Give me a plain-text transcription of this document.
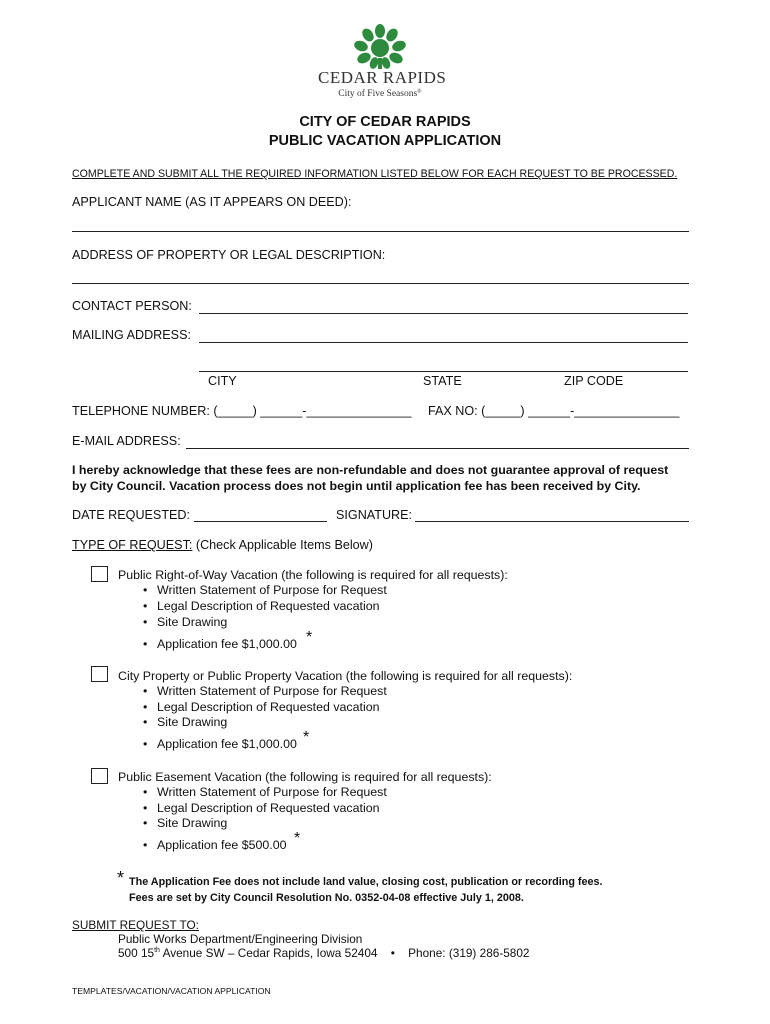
CEDAR RAPIDS
City of Five Seasons®
CITY OF CEDAR RAPIDS
PUBLIC VACATION APPLICATION
COMPLETE AND SUBMIT ALL THE REQUIRED INFORMATION LISTED BELOW FOR EACH REQUEST TO BE PROCESSED.
APPLICANT NAME (AS IT APPEARS ON DEED):
ADDRESS OF PROPERTY OR LEGAL DESCRIPTION:
CONTACT PERSON:
MAILING ADDRESS:
CITY	STATE	ZIP CODE
TELEPHONE NUMBER: (_____) ______-_______________ FAX NO: (_____) ______-_______________
E-MAIL ADDRESS:
I hereby acknowledge that these fees are non-refundable and does not guarantee approval of request
by City Council. Vacation process does not begin until application fee has been received by City.
DATE REQUESTED:	SIGNATURE:
TYPE OF REQUEST: (Check Applicable Items Below)
Public Right-of-Way Vacation (the following is required for all requests):
• Written Statement of Purpose for Request
• Legal Description of Requested vacation
• Site Drawing
• Application fee $1,000.00 *
City Property or Public Property Vacation (the following is required for all requests):
• Written Statement of Purpose for Request
• Legal Description of Requested vacation
• Site Drawing
• Application fee $1,000.00 *
Public Easement Vacation (the following is required for all requests):
• Written Statement of Purpose for Request
• Legal Description of Requested vacation
• Site Drawing
• Application fee $500.00 *
* The Application Fee does not include land value, closing cost, publication or recording fees.
Fees are set by City Council Resolution No. 0352-04-08 effective July 1, 2008.
SUBMIT REQUEST TO:
Public Works Department/Engineering Division
500 15th Avenue SW – Cedar Rapids, Iowa 52404 • Phone: (319) 286-5802
TEMPLATES/VACATION/VACATION APPLICATION
